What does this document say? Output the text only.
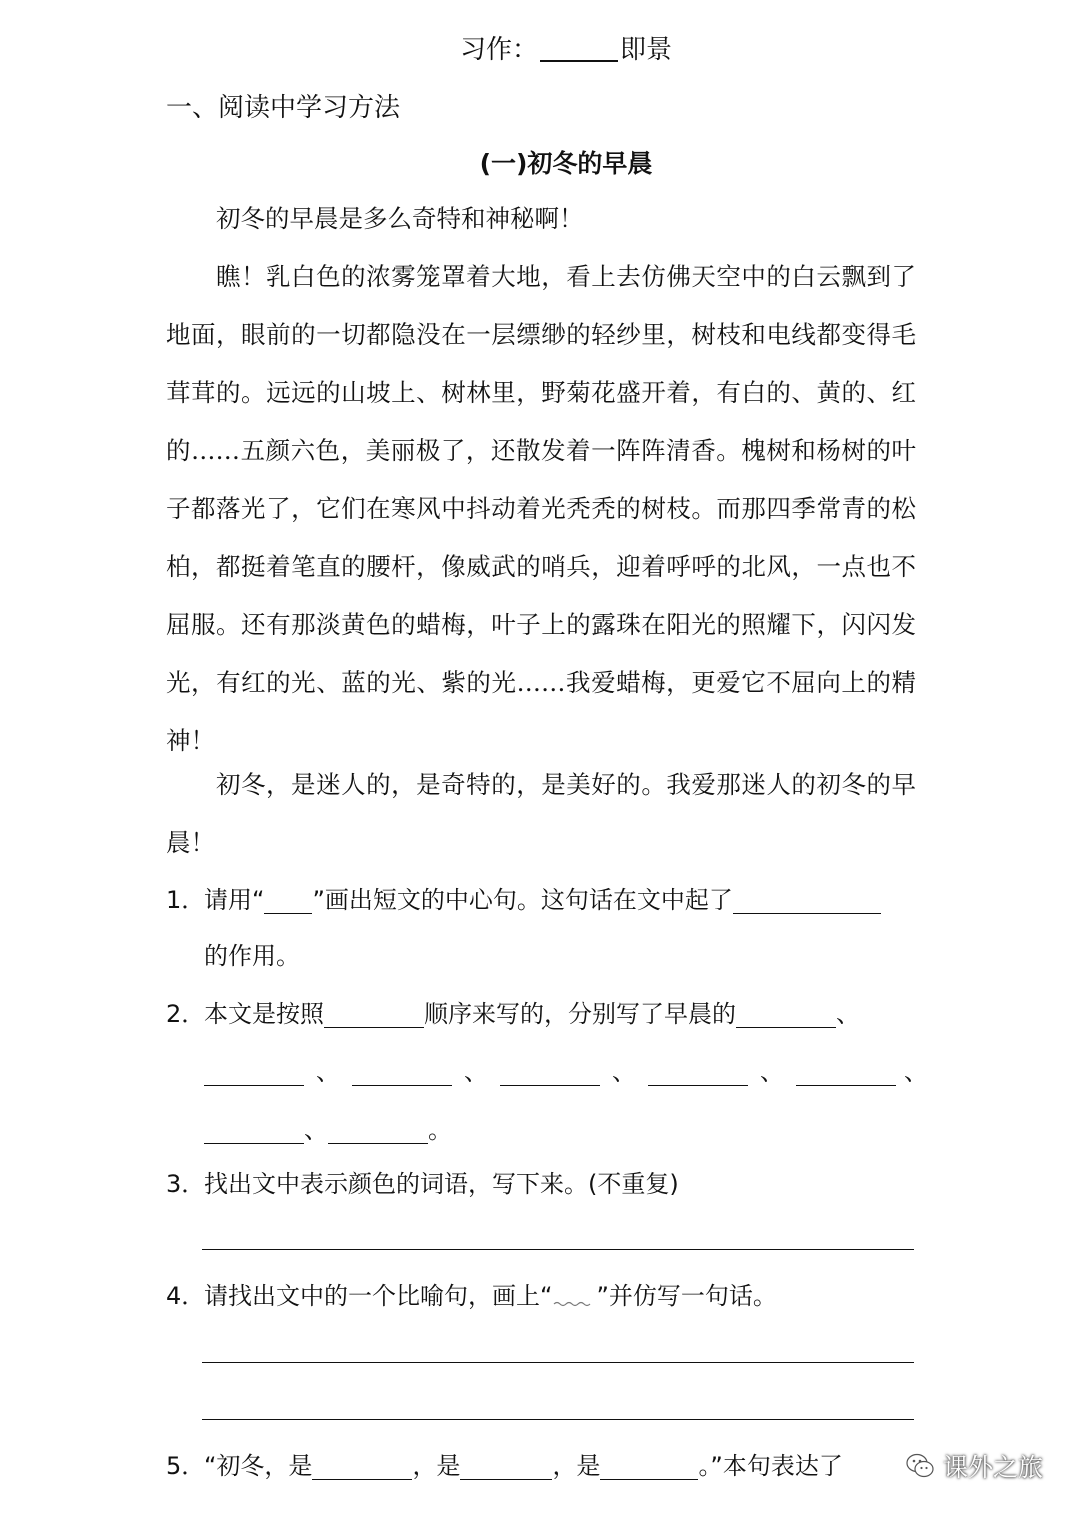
习作：	即景
一、阅读中学习方法
(一)初冬的早晨

初冬的早晨是多么奇特和神秘啊！

瞧！乳白色的浓雾笼罩着大地，看上去仿佛天空中的白云飘到了地面，眼前的一切都隐没在一层缥缈的轻纱里，树枝和电线都变得毛茸茸的。远远的山坡上、树林里，野菊花盛开着，有白的、黄的、红的……五颜六色，美丽极了，还散发着一阵阵清香。槐树和杨树的叶子都落光了，它们在寒风中抖动着光秃秃的树枝。而那四季常青的松柏，都挺着笔直的腰杆，像威武的哨兵，迎着呼呼的北风，一点也不屈服。还有那淡黄色的蜡梅，叶子上的露珠在阳光的照耀下，闪闪发光，有红的光、蓝的光、紫的光……我爱蜡梅，更爱它不屈向上的精神！

初冬，是迷人的，是奇特的，是美好的。我爱那迷人的初冬的早晨！

1．请用“ ”画出短文的中心句。这句话在文中起了
的作用。
2．本文是按照	顺序来写的，分别写了早晨的	、
、	、	、	、	、
、	。
3．找出文中表示颜色的词语，写下来。(不重复)
4．请找出文中的一个比喻句，画上“ ”并仿写一句话。
5．“初冬，是	，是	，是	。”本句表达了	课外之旅
